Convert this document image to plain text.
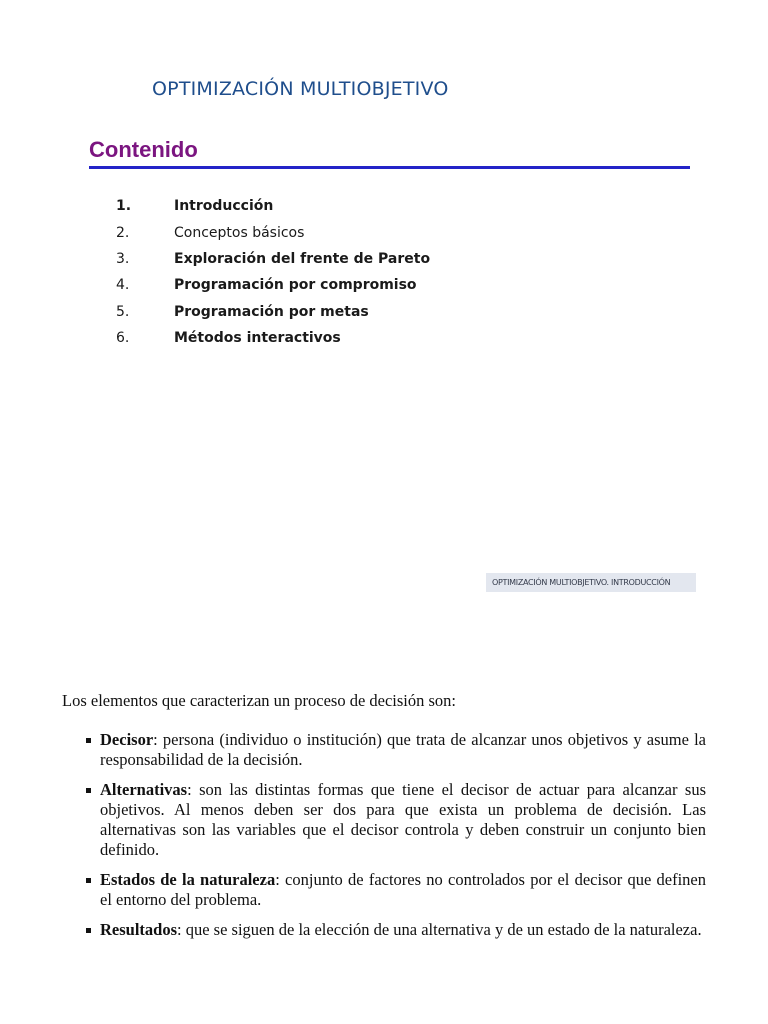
OPTIMIZACIÓN MULTIOBJETIVO
Contenido
1.	Introducción
2.	Conceptos básicos
3.	Exploración del frente de Pareto
4.	Programación por compromiso
5.	Programación por metas
6.	Métodos interactivos
OPTIMIZACIÓN MULTIOBJETIVO. INTRODUCCIÓN
Los elementos que caracterizan un proceso de decisión son:
Decisor: persona (individuo o institución) que trata de alcanzar unos objetivos y asume la responsabilidad de la decisión.
Alternativas: son las distintas formas que tiene el decisor de actuar para alcanzar sus objetivos. Al menos deben ser dos para que exista un problema de decisión. Las alternativas son las variables que el decisor controla y deben construir un conjunto bien definido.
Estados de la naturaleza: conjunto de factores no controlados por el decisor que definen el entorno del problema.
Resultados: que se siguen de la elección de una alternativa y de un estado de la naturaleza.
